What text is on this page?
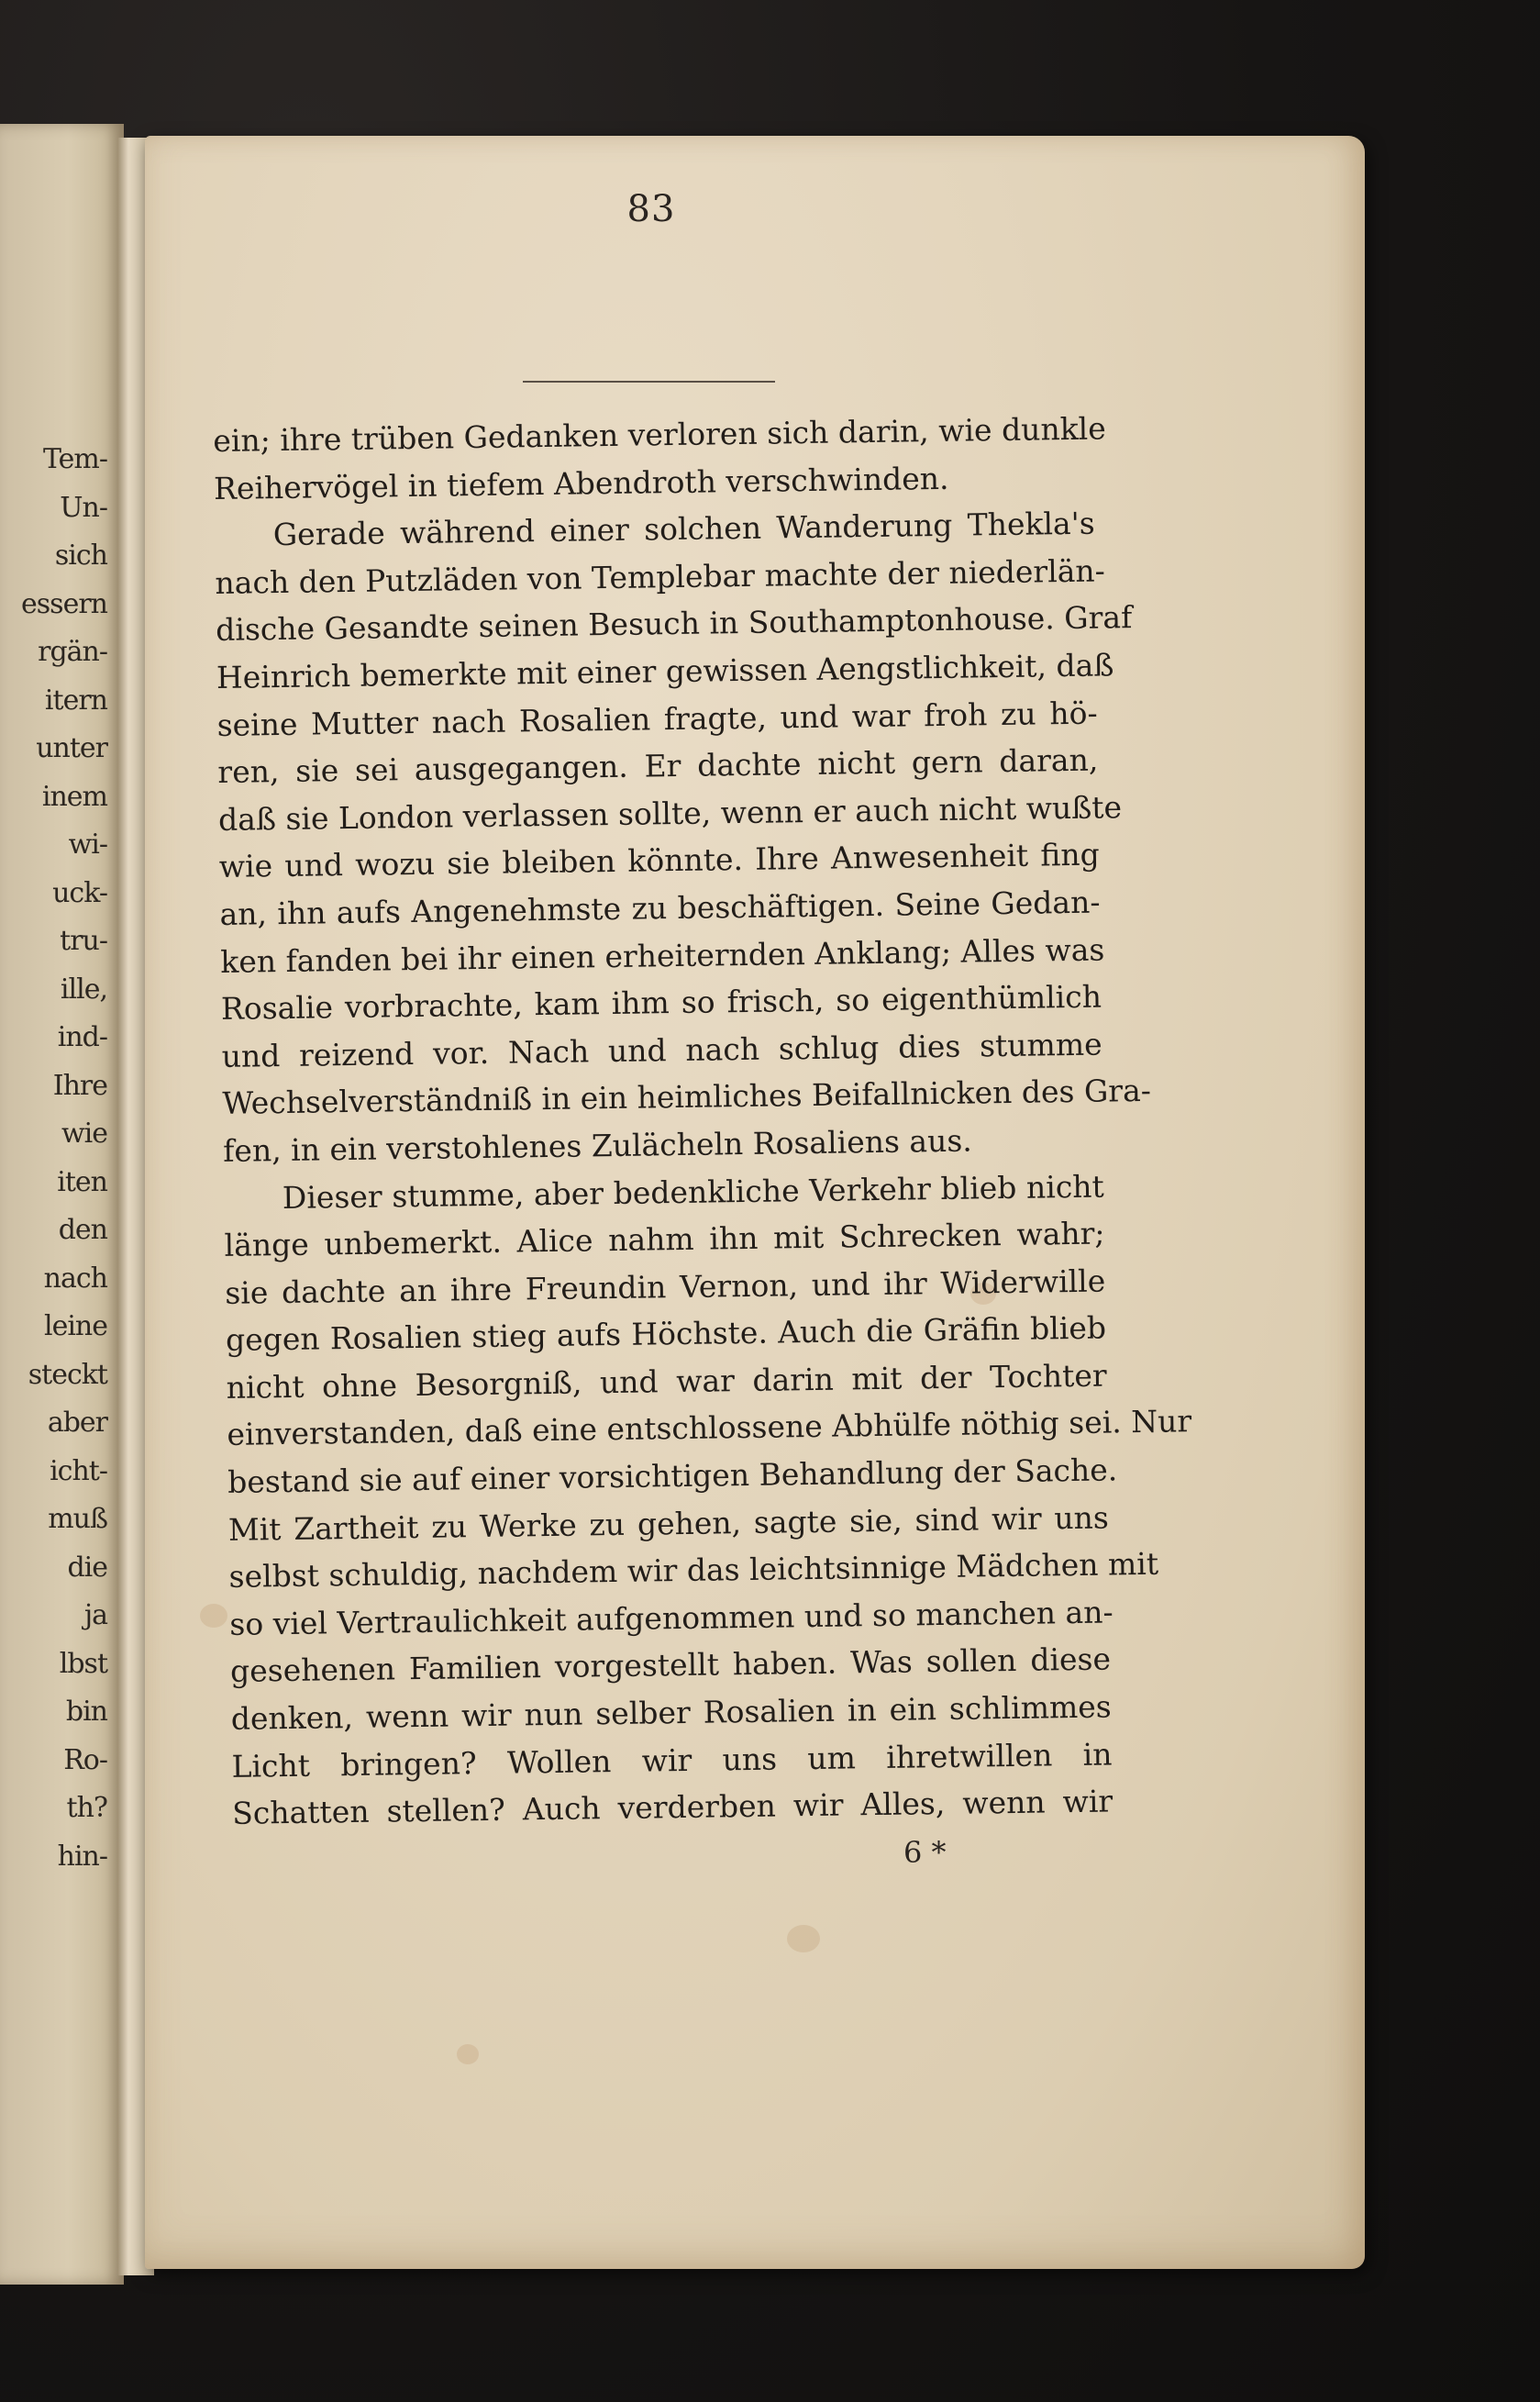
Tem-
Un-
sich
essern
rgän-
itern
unter
inem
wi-
uck-
tru-
ille,
ind-
Ihre
wie
iten
den
nach
leine
steckt
aber
icht-
muß
die
ja
lbst
bin
Ro-
th?
hin-
83
ein; ihre trüben Gedanken verloren sich darin, wie dunkle
Reihervögel in tiefem Abendroth verschwinden.
Gerade während einer solchen Wanderung Thekla's
nach den Putzläden von Templebar machte der niederlän-
dische Gesandte seinen Besuch in Southamptonhouse. Graf
Heinrich bemerkte mit einer gewissen Aengstlichkeit, daß
seine Mutter nach Rosalien fragte, und war froh zu hö-
ren, sie sei ausgegangen. Er dachte nicht gern daran,
daß sie London verlassen sollte, wenn er auch nicht wußte
wie und wozu sie bleiben könnte. Ihre Anwesenheit fing
an, ihn aufs Angenehmste zu beschäftigen. Seine Gedan-
ken fanden bei ihr einen erheiternden Anklang; Alles was
Rosalie vorbrachte, kam ihm so frisch, so eigenthümlich
und reizend vor. Nach und nach schlug dies stumme
Wechselverständniß in ein heimliches Beifallnicken des Gra-
fen, in ein verstohlenes Zulächeln Rosaliens aus.
Dieser stumme, aber bedenkliche Verkehr blieb nicht
länge unbemerkt. Alice nahm ihn mit Schrecken wahr;
sie dachte an ihre Freundin Vernon, und ihr Widerwille
gegen Rosalien stieg aufs Höchste. Auch die Gräfin blieb
nicht ohne Besorgniß, und war darin mit der Tochter
einverstanden, daß eine entschlossene Abhülfe nöthig sei. Nur
bestand sie auf einer vorsichtigen Behandlung der Sache.
Mit Zartheit zu Werke zu gehen, sagte sie, sind wir uns
selbst schuldig, nachdem wir das leichtsinnige Mädchen mit
so viel Vertraulichkeit aufgenommen und so manchen an-
gesehenen Familien vorgestellt haben. Was sollen diese
denken, wenn wir nun selber Rosalien in ein schlimmes
Licht bringen? Wollen wir uns um ihretwillen in
Schatten stellen? Auch verderben wir Alles, wenn wir
6 *
